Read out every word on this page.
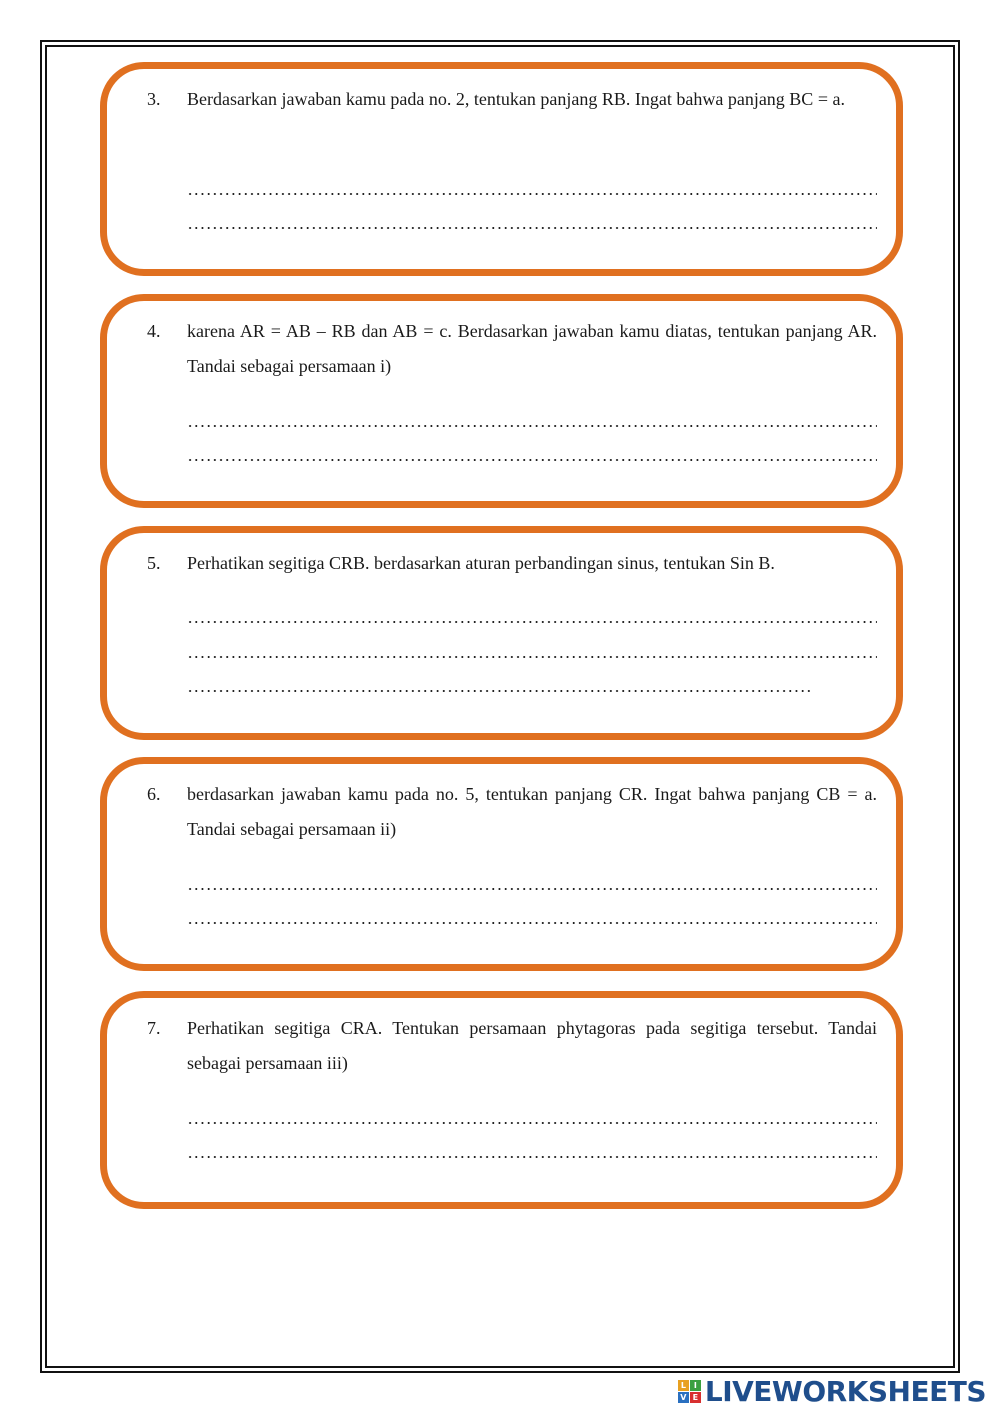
3. Berdasarkan jawaban kamu pada no. 2, tentukan panjang RB. Ingat bahwa panjang BC = a.
4. karena AR = AB – RB dan AB = c. Berdasarkan jawaban kamu diatas, tentukan panjang AR. Tandai sebagai persamaan i)
5. Perhatikan segitiga CRB. berdasarkan aturan perbandingan sinus, tentukan Sin B.
6. berdasarkan jawaban kamu pada no. 5, tentukan panjang CR. Ingat bahwa panjang CB = a. Tandai sebagai persamaan ii)
7. Perhatikan segitiga CRA. Tentukan persamaan phytagoras pada segitiga tersebut. Tandai sebagai persamaan iii)
L I
V E LIVEWORKSHEETS
